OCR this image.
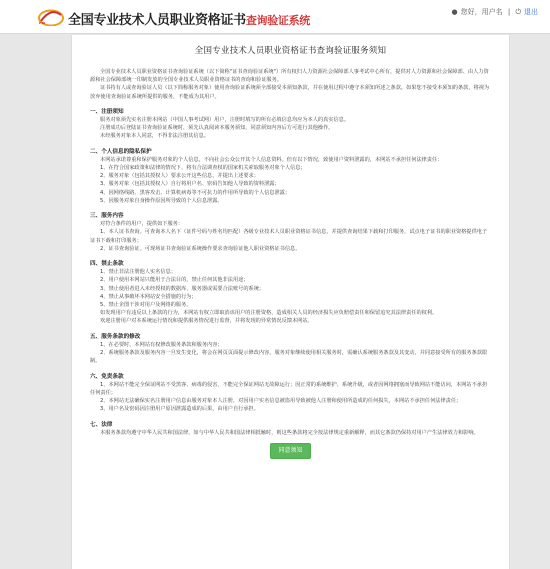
PTA 全国专业技术人员职业资格证书查询验证系统
● 您好，用户名 | ⏻ 退出
全国专业技术人员职业资格证书查询验证服务须知
全国专业技术人员职业资格证书查询验证系统（以下简称"证书查询验证系统"）所有权归人力资源社会保障部人事考试中心所有，提供对人力资源和社会保障部、由人力资源和社会保障部统一印制发放的全国专业技术人员职业资格证书的查询和验证服务。
证书持有人或查询验证人员（以下简称服务对象）使用查询验证系统须全部接受本须知条款，并在使用过程中遵守本须知所述之条款。如果您不接受本须知的条款，将视为放弃使用查询验证系统所提供的服务，不能成为其用户。
一、注册须知
服务对象须先实名注册本网站（中国人事考试网）用户，注册时填写的所有必填信息均应为本人的真实信息。
注册成功后登陆证书查询验证系统时，须先认真阅读本服务须知，同意须知内容后方可进行其他操作。
未经服务对象本人同意，不得非法注册其信息。
二、个人信息的隐私保护
本网站承诺尊重和保护服务对象的个人信息，不向社会公众公开其个人信息资料。但有以下情况，致使用户资料泄露的，本网站不承担任何法律责任：
1、在符合国家政策和法律的情况下，将有合法调查权的国家机关索取服务对象个人信息；
2、服务对象（包括其授权人）要求公开这些信息，并提出上述要求；
3、服务对象（包括其授权人）自行将用户名、密码告知他人导致的资料泄露；
4、因网络线路、黑客攻击、计算机病毒等不可抗力的作用所导致的个人信息泄露；
5、因服务对象自身操作原因所导致的个人信息泄露。
三、服务内容
对符合条件的用户，提供如下服务：
1、本人证书查询。可查询本人名下（证件号码与姓名均匹配）各级专业技术人员职业资格证书信息，并提供查询结果下载和打印服务，试点电子证书的职业资格提供电子证书下载和打印服务；
2、证书查询验证。可现场证书查询验证系统操作要求查询验证他人职业资格证书信息。
四、禁止条款
1、禁止非法注册他人实名信息；
2、用户使用本网站只能用于合法目的，禁止任何其他非法用途；
3、禁止使用者进入未经授权的数据库、服务器或需要合法账号的系统；
4、禁止从事破坏本网站安全措施的行为；
5、禁止企图干涉对用户及网络的服务。
如发现用户有违反以上条款的行为，本网站有权立即取消该用户的注册资格，造成相关人员的经济损失应负赔偿责任和保留追究其法律责任的权利。
欢迎注册用户对本系统运行情况和提供服务情况进行监督，并将发现的异常情况反馈本网站。
五、服务条款的修改
1、在必要时，本网站有权修改服务条款和服务内容；
2、系统服务条款及服务内容一旦发生变化，将会在网页页面提示修改内容。服务对象继续使用相关服务时，需确认系统服务条款及其变动，并同意接受所有的服务条款限制。
六、免责条款
1、本网站不能完全保证网站不受黑客、病毒的侵害，不能完全保证网站无故障运行；因正常的系统维护、系统升级，或者因网络拥塞而导致网站不能访问，本网站不承担任何责任；
2、本网站无法确保实名注册用户信息由服务对象本人注册，对因用户实名信息被盗用导致被他人注册和使用所造成的任何损失，本网站不承担任何法律责任；
3、用户名及密码因注册用户原因泄露造成的后果，由用户自行承担。
七、法律
本服务条款均遵守中华人民共和国法律，如与中华人民共和国法律相抵触时，则这些条款将完全按法律规定重新解释，而其它条款仍保持对用户产生法律效力和影响。
同意须知
